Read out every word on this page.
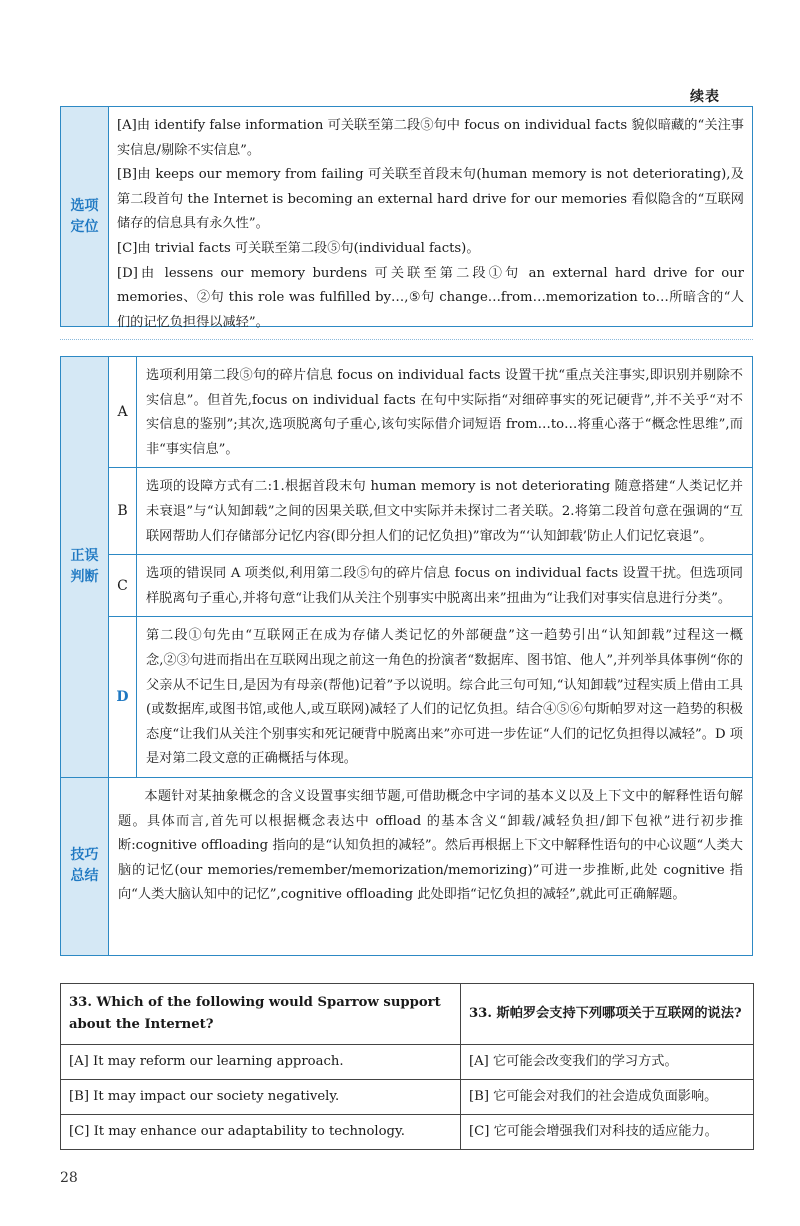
续表
选项
定位

[A]由 identify false information 可关联至第二段⑤句中 focus on individual facts 貌似暗藏的“关注事实信息/剔除不实信息”。

[B]由 keeps our memory from failing 可关联至首段末句(human memory is not deteriorating),及第二段首句 the Internet is becoming an external hard drive for our memories 看似隐含的“互联网储存的信息具有永久性”。

[C]由 trivial facts 可关联至第二段⑤句(individual facts)。

[D]由 lessens our memory burdens 可关联至第二段①句 an external hard drive for our memories、②句 this role was fulfilled by…,⑤句 change…from…memorization to…所暗含的“人们的记忆负担得以减轻”。

正误
判断
A
选项利用第二段⑤句的碎片信息 focus on individual facts 设置干扰“重点关注事实,即识别并剔除不实信息”。但首先,focus on individual facts 在句中实际指“对细碎事实的死记硬背”,并不关乎“对不实信息的鉴别”;其次,选项脱离句子重心,该句实际借介词短语 from…to…将重心落于“概念性思维”,而非“事实信息”。
B
选项的设障方式有二:1.根据首段末句 human memory is not deteriorating 随意搭建“人类记忆并未衰退”与“认知卸载”之间的因果关联,但文中实际并未探讨二者关联。2.将第二段首句意在强调的“互联网帮助人们存储部分记忆内容(即分担人们的记忆负担)”窜改为“‘认知卸载’防止人们记忆衰退”。
C
选项的错误同 A 项类似,利用第二段⑤句的碎片信息 focus on individual facts 设置干扰。但选项同样脱离句子重心,并将句意“让我们从关注个别事实中脱离出来”扭曲为“让我们对事实信息进行分类”。
D
第二段①句先由“互联网正在成为存储人类记忆的外部硬盘”这一趋势引出“认知卸载”过程这一概念,②③句进而指出在互联网出现之前这一角色的扮演者“数据库、图书馆、他人”,并列举具体事例“你的父亲从不记生日,是因为有母亲(帮他)记着”予以说明。综合此三句可知,“认知卸载”过程实质上借由工具(或数据库,或图书馆,或他人,或互联网)减轻了人们的记忆负担。结合④⑤⑥句斯帕罗对这一趋势的积极态度“让我们从关注个别事实和死记硬背中脱离出来”亦可进一步佐证“人们的记忆负担得以减轻”。D 项是对第二段文意的正确概括与体现。
技巧
总结
本题针对某抽象概念的含义设置事实细节题,可借助概念中字词的基本义以及上下文中的解释性语句解题。具体而言,首先可以根据概念表达中 offload 的基本含义“卸载/减轻负担/卸下包袱”进行初步推断:cognitive offloading 指向的是“认知负担的减轻”。然后再根据上下文中解释性语句的中心议题“人类大脑的记忆(our memories/remember/memorization/memorizing)”可进一步推断,此处 cognitive 指向“人类大脑认知中的记忆”,cognitive offloading 此处即指“记忆负担的减轻”,就此可正确解题。
33. Which of the following would Sparrow support about the Internet?	33. 斯帕罗会支持下列哪项关于互联网的说法?
[A] It may reform our learning approach.	[A] 它可能会改变我们的学习方式。
[B] It may impact our society negatively.	[B] 它可能会对我们的社会造成负面影响。
[C] It may enhance our adaptability to technology.	[C] 它可能会增强我们对科技的适应能力。
28
